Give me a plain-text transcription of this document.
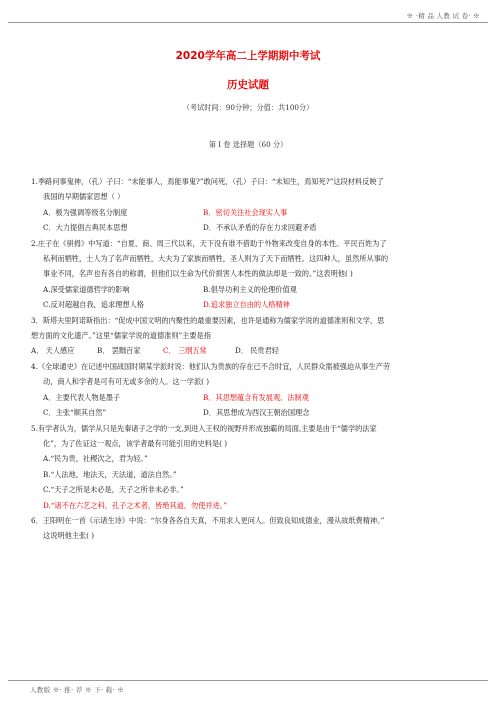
※ ·精 品 人教 试 卷· ※
2020学年高二上学期期中考试
历史试题
（考试时间：90分钟；分值：共100分）
第 I 卷 选择题（60 分）
1.季路问事鬼神，（孔）子曰：“未能事人，焉能事鬼?”敢问死，（孔）子曰：“未知生，焉知死?”这段材料反映了
我国的早期儒家思想（ ）
A．极为强调等级名分制度	B．密切关注社会现实人事
C．大力提倡古典民本思想	D．不承认矛盾的存在力求回避矛盾
2.庄子在《骈拇》中写道：“自夏、商、周三代以来，天下没有谁不借助于外物来改变自身的本性。平民百姓为了
私利而牺牲，士人为了名声而牺牲，大夫为了家族而牺牲，圣人则为了天下而牺牲。这四种人，虽然所从事的
事业不同，名声也有各自的称谓，但他们以生命为代价损害人本性的做法却是一致的。”这表明他( )
A.深受儒家道德哲学的影响	B.倡导功利主义的伦理价值观
C.反对超越自我，追求理想人格	D.追求独立自由的人格精神
3．斯塔夫里阿诺斯指出：“促成中国文明的内聚性的最重要因素，也许是通称为儒家学说的道德准则和文学、思
想方面的文化遗产。”这里“儒家学说的道德准则”主要是指
A． 天人感应	B． 罢黜百家	C． 三纲五常	D． 民贵君轻
4.《全球通史》在记述中国战国时期某学派时说：他们认为贵族的存在已不合时宜，人民群众需被强迫从事生产劳
动，商人和学者是可有可无或多余的人。这一学派( )
A．主要代表人物是墨子	B．其思想蕴含有发展观、法制观
C．主张“顺其自然”	D．其思想成为西汉王朝治国理念
5.有学者认为，儒学从只是先秦诸子之学的一支,到进入王权的视野并形成独霸的局面,主要是由于“儒学的法家
化”，为了佐证这一观点，该学者最有可能引用的史料是( )
A.“民为贵，社稷次之，君为轻。”
B.“人法地，地法天，天法道，道法自然。”
C.“天子之所是未必是，天子之所非未必非。”
D.“诸不在六艺之科，孔子之术者，皆绝其道，勿使并进。”
6．王阳明在一首《示诸生诗》中说：“尔身各各自天真，不用求人更问人。但致良知成德业，漫从故纸费精神。”
这说明他主张( )
人教版 ※· 推· 荐 ※ 下· 载· ※
